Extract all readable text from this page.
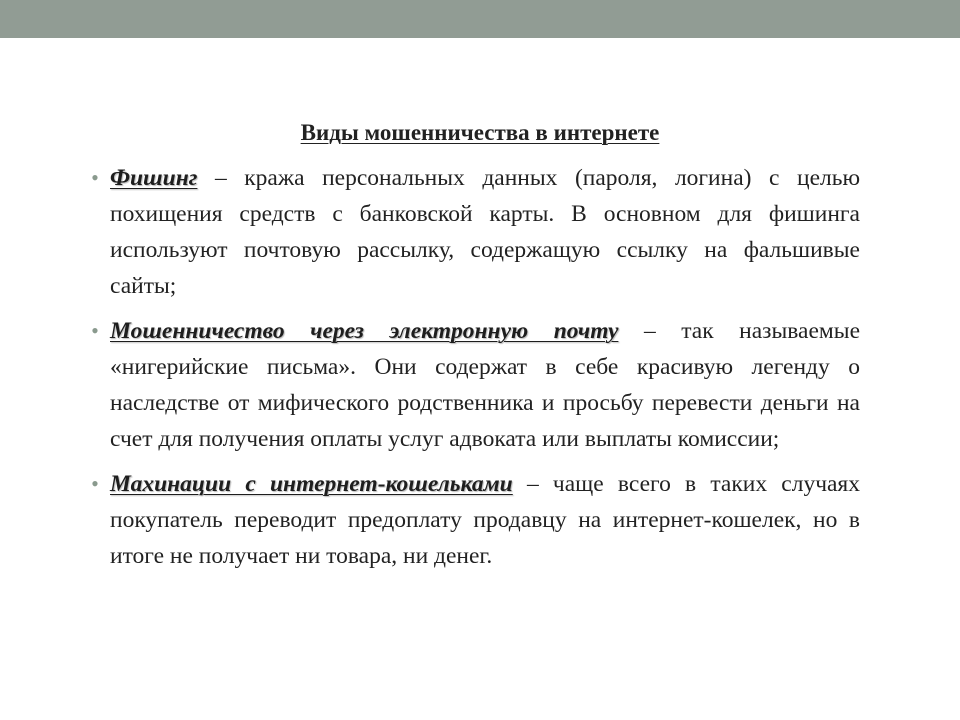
Виды мошенничества в интернете
• Фишинг – кража персональных данных (пароля, логина) с целью похищения средств с банковской карты. В основном для фишинга используют почтовую рассылку, содержащую ссылку на фальшивые сайты;
• Мошенничество через электронную почту – так называемые «нигерийские письма». Они содержат в себе красивую легенду о наследстве от мифического родственника и просьбу перевести деньги на счет для получения оплаты услуг адвоката или выплаты комиссии;
• Махинации с интернет-кошельками – чаще всего в таких случаях покупатель переводит предоплату продавцу на интернет-кошелек, но в итоге не получает ни товара, ни денег.
